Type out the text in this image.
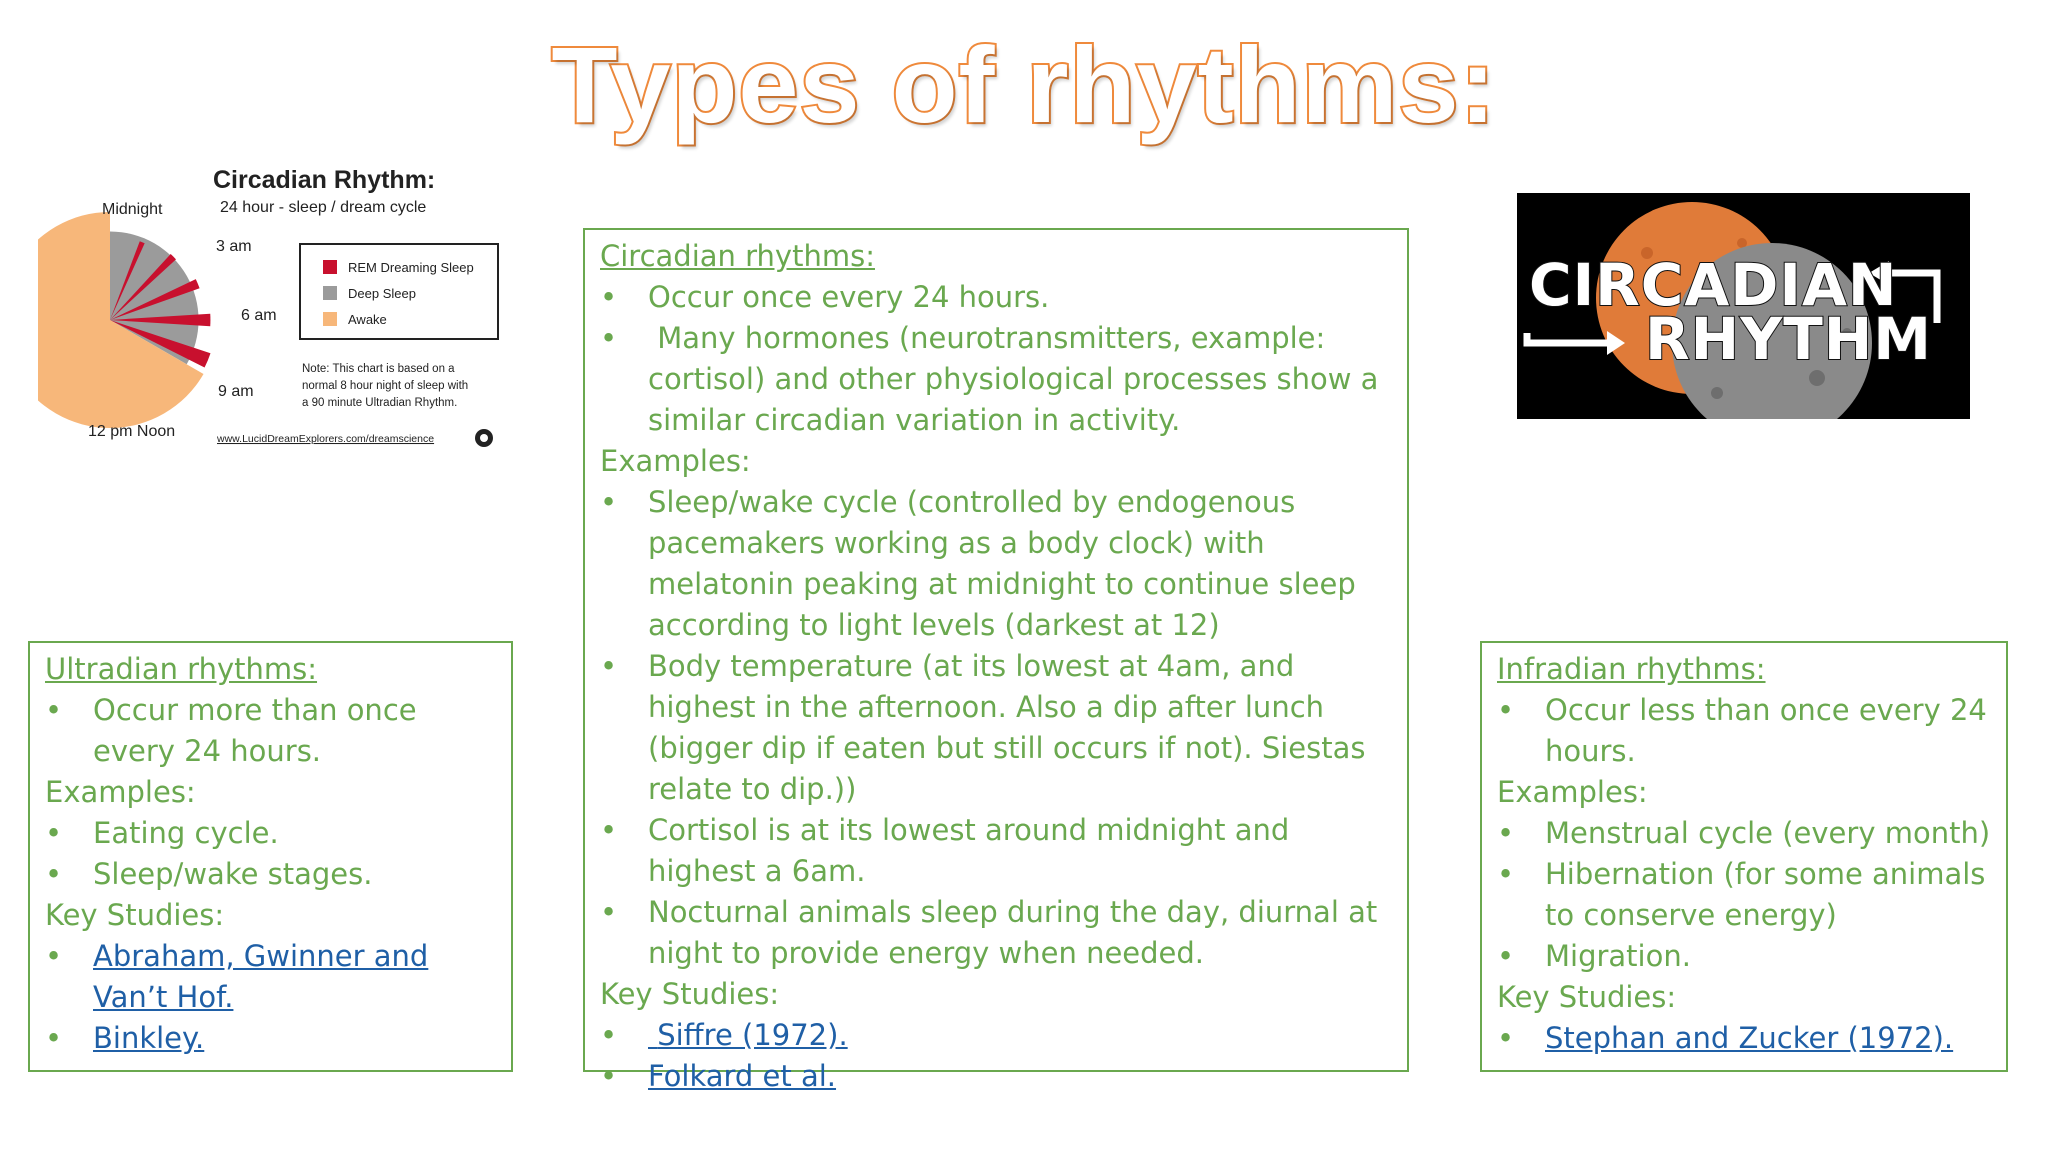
Types of rhythms:
Circadian Rhythm:
24 hour - sleep / dream cycle
Midnight
3 am
6 am
9 am
12 pm Noon
REM Dreaming Sleep
Deep Sleep
Awake
Note: This chart is based on a
normal 8 hour night of sleep with
a 90 minute Ultradian Rhythm.
www.LucidDreamExplorers.com/dreamscience
CIRCADIAN
RHYTHM
Ultradian rhythms:
• Occur more than once every 24 hours.
Examples:
• Eating cycle.
• Sleep/wake stages.
Key Studies:
• Abraham, Gwinner and Van’t Hof.
• Binkley.
Circadian rhythms:
• Occur once every 24 hours.
•  Many hormones (neurotransmitters, example: cortisol) and other physiological processes show a similar circadian variation in activity.
Examples:
• Sleep/wake cycle (controlled by endogenous pacemakers working as a body clock) with melatonin peaking at midnight to continue sleep according to light levels (darkest at 12)
• Body temperature (at its lowest at 4am, and highest in the afternoon. Also a dip after lunch (bigger dip if eaten but still occurs if not). Siestas relate to dip.))
• Cortisol is at its lowest around midnight and highest a 6am.
• Nocturnal animals sleep during the day, diurnal at night to provide energy when needed.
Key Studies:
•  Siffre (1972).
• Folkard et al.
Infradian rhythms:
• Occur less than once every 24 hours.
Examples:
• Menstrual cycle (every month)
• Hibernation (for some animals to conserve energy)
• Migration.
Key Studies:
• Stephan and Zucker (1972).
